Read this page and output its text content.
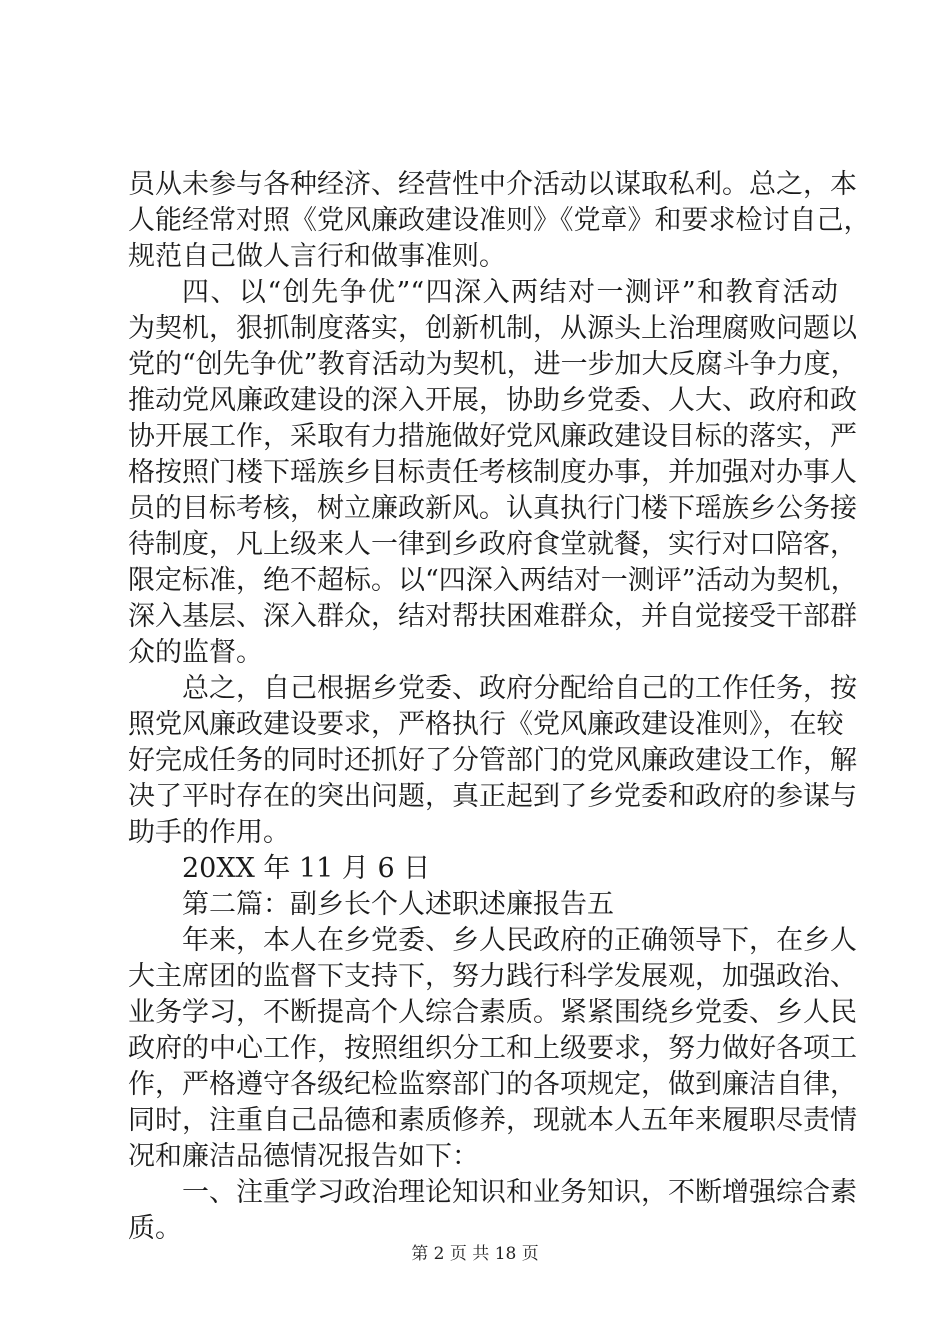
员从未参与各种经济、经营性中介活动以谋取私利。总之，本
人能经常对照《党风廉政建设准则》《党章》和要求检讨自己，
规范自己做人言行和做事准则。
四、以“创先争优”“四深入两结对一测评”和教育活动
为契机，狠抓制度落实，创新机制，从源头上治理腐败问题以
党的“创先争优”教育活动为契机，进一步加大反腐斗争力度，
推动党风廉政建设的深入开展，协助乡党委、人大、政府和政
协开展工作，采取有力措施做好党风廉政建设目标的落实，严
格按照门楼下瑶族乡目标责任考核制度办事，并加强对办事人
员的目标考核，树立廉政新风。认真执行门楼下瑶族乡公务接
待制度，凡上级来人一律到乡政府食堂就餐，实行对口陪客，
限定标准，绝不超标。以“四深入两结对一测评”活动为契机，
深入基层、深入群众，结对帮扶困难群众，并自觉接受干部群
众的监督。
总之，自己根据乡党委、政府分配给自己的工作任务，按
照党风廉政建设要求，严格执行《党风廉政建设准则》，在较
好完成任务的同时还抓好了分管部门的党风廉政建设工作，解
决了平时存在的突出问题，真正起到了乡党委和政府的参谋与
助手的作用。
20XX 年 11 月 6 日
第二篇：副乡长个人述职述廉报告五
年来，本人在乡党委、乡人民政府的正确领导下，在乡人
大主席团的监督下支持下，努力践行科学发展观，加强政治、
业务学习，不断提高个人综合素质。紧紧围绕乡党委、乡人民
政府的中心工作，按照组织分工和上级要求，努力做好各项工
作，严格遵守各级纪检监察部门的各项规定，做到廉洁自律，
同时，注重自己品德和素质修养，现就本人五年来履职尽责情
况和廉洁品德情况报告如下：
一、注重学习政治理论知识和业务知识，不断增强综合素
质。
第 2 页 共 18 页
